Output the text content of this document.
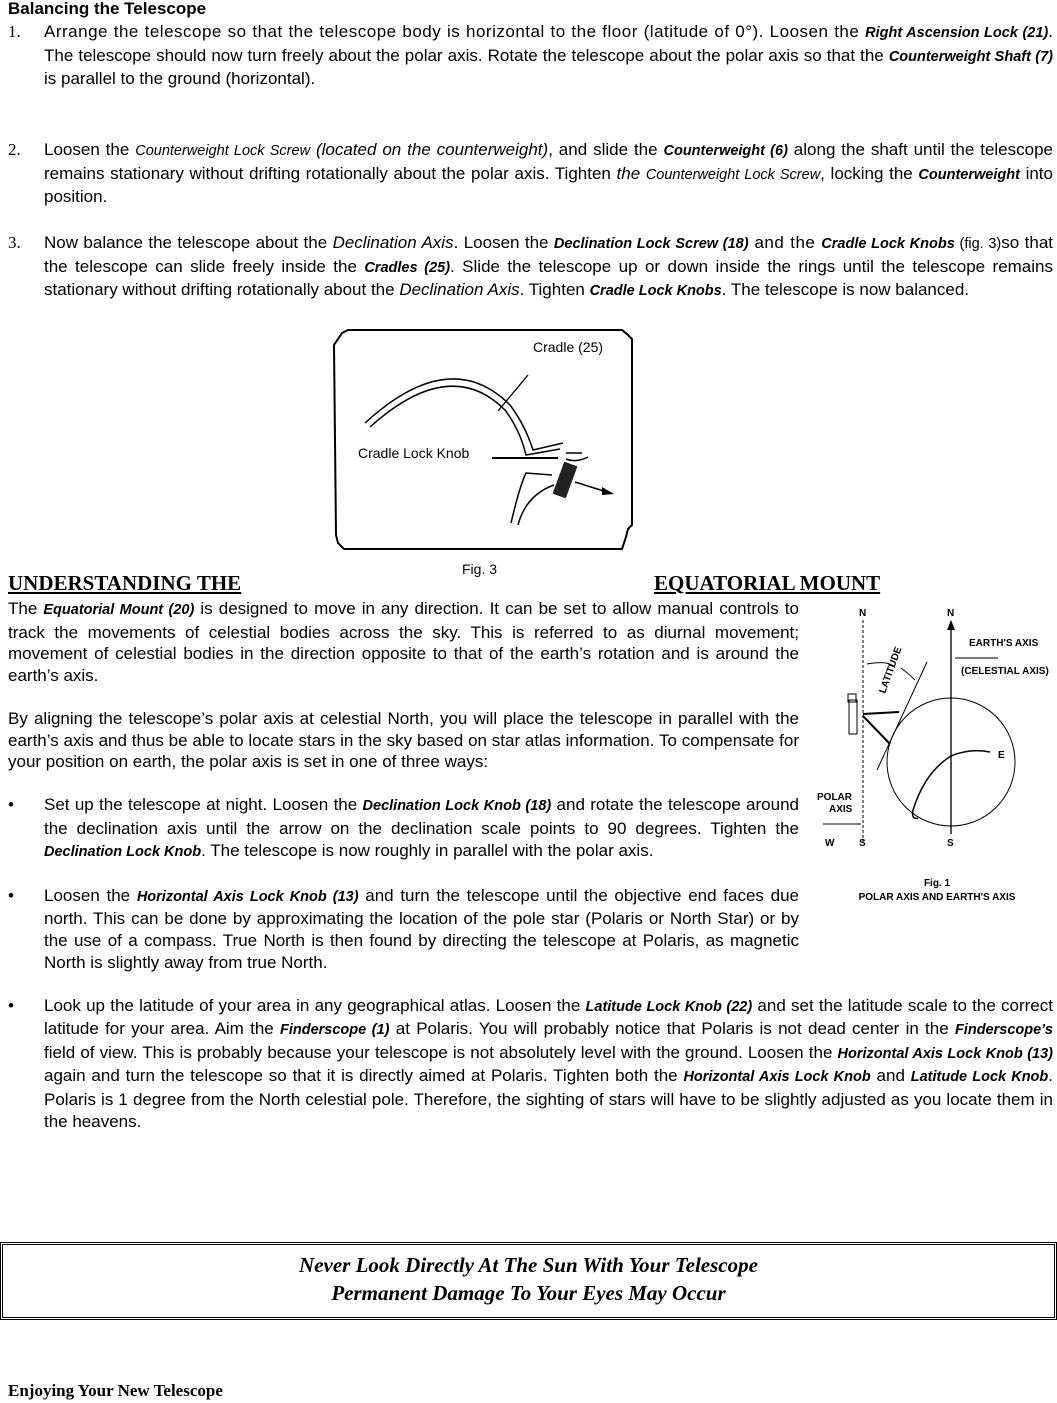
Balancing the Telescope
1. Arrange the telescope so that the telescope body is horizontal to the floor (latitude of 0°). Loosen the Right Ascension Lock (21). The telescope should now turn freely about the polar axis. Rotate the telescope about the polar axis so that the Counterweight Shaft (7) is parallel to the ground (horizontal).
2. Loosen the Counterweight Lock Screw (located on the counterweight), and slide the Counterweight (6) along the shaft until the telescope remains stationary without drifting rotationally about the polar axis. Tighten the Counterweight Lock Screw, locking the Counterweight into position.
3. Now balance the telescope about the Declination Axis. Loosen the Declination Lock Screw (18) and the Cradle Lock Knobs (fig. 3)so that the telescope can slide freely inside the Cradles (25). Slide the telescope up or down inside the rings until the telescope remains stationary without drifting rotationally about the Declination Axis. Tighten Cradle Lock Knobs. The telescope is now balanced.
Cradle (25)
Cradle Lock Knob
Fig. 3
UNDERSTANDING THE	EQUATORIAL MOUNT
N	N
EARTH'S AXIS
(CELESTIAL AXIS)
LATITUDE
E
POLAR
AXIS
W S	S
Fig. 1
POLAR AXIS AND EARTH'S AXIS

The Equatorial Mount (20) is designed to move in any direction. It can be set to allow manual controls to track the movements of celestial bodies across the sky. This is referred to as diurnal movement; movement of celestial bodies in the direction opposite to that of the earth’s rotation and is around the earth’s axis.

By aligning the telescope’s polar axis at celestial North, you will place the telescope in parallel with the earth’s axis and thus be able to locate stars in the sky based on star atlas information. To compensate for your position on earth, the polar axis is set in one of three ways:

• Set up the telescope at night. Loosen the Declination Lock Knob (18) and rotate the telescope around the declination axis until the arrow on the declination scale points to 90 degrees. Tighten the Declination Lock Knob. The telescope is now roughly in parallel with the polar axis.
• Loosen the Horizontal Axis Lock Knob (13) and turn the telescope until the objective end faces due north. This can be done by approximating the location of the pole star (Polaris or North Star) or by the use of a compass. True North is then found by directing the telescope at Polaris, as magnetic North is slightly away from true North.
• Look up the latitude of your area in any geographical atlas. Loosen the Latitude Lock Knob (22) and set the latitude scale to the correct latitude for your area. Aim the Finderscope (1) at Polaris. You will probably notice that Polaris is not dead center in the Finderscope’s field of view. This is probably because your telescope is not absolutely level with the ground. Loosen the Horizontal Axis Lock Knob (13) again and turn the telescope so that it is directly aimed at Polaris. Tighten both the Horizontal Axis Lock Knob and Latitude Lock Knob. Polaris is 1 degree from the North celestial pole. Therefore, the sighting of stars will have to be slightly adjusted as you locate them in the heavens.
Never Look Directly At The Sun With Your Telescope
Permanent Damage To Your Eyes May Occur
Enjoying Your New Telescope
